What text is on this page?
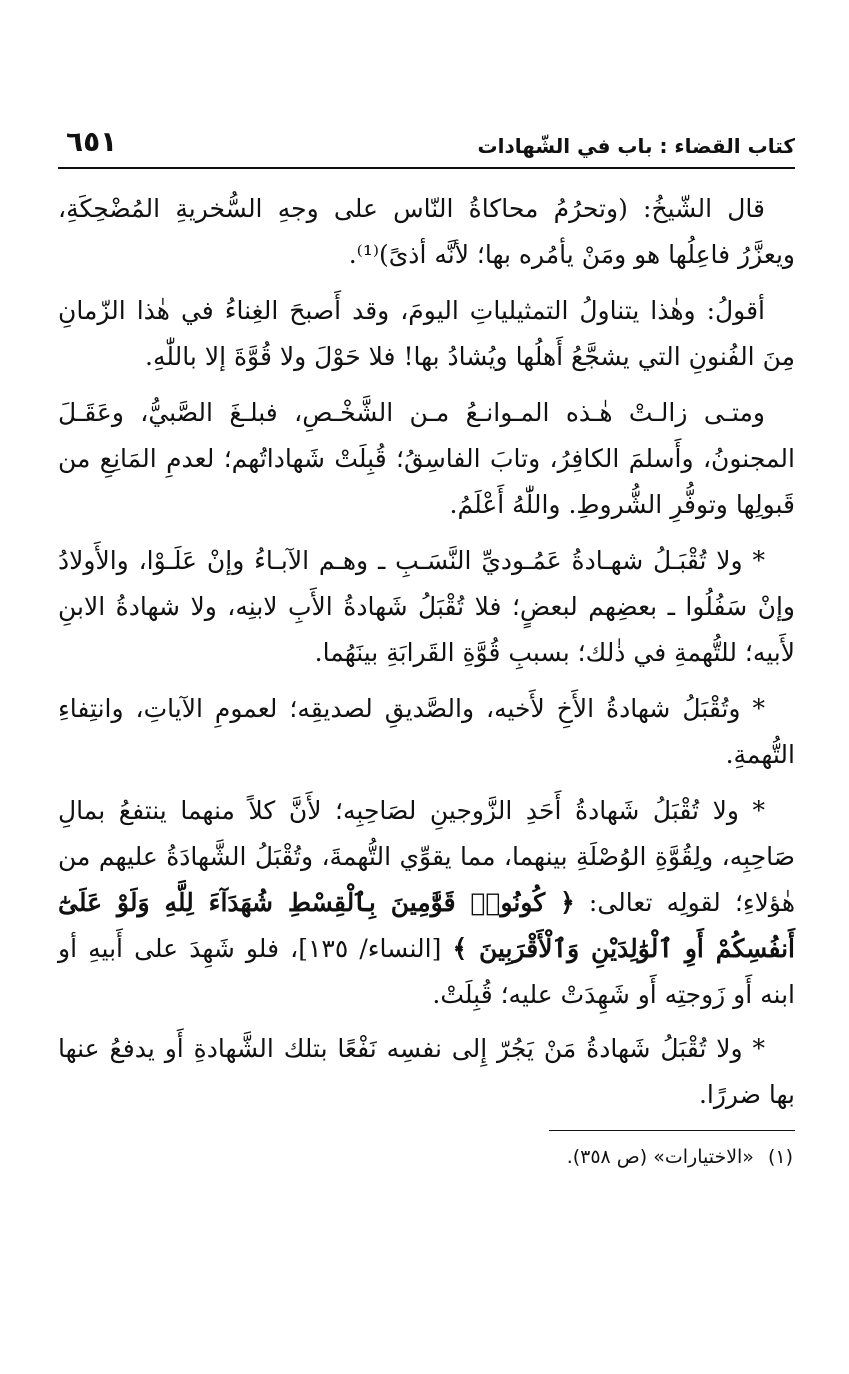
كتاب القضاء : باب في الشّهادات
٦٥١

قال الشّيخُ: (وتحرُمُ محاكاةُ النّاس على وجهِ السُّخريةِ المُضْحِكَةِ، ويعزَّرُ فاعِلُها هو ومَنْ يأمُره بها؛ لأنَّه أذىً)⁽¹⁾.

أقولُ: وهٰذا يتناولُ التمثيلياتِ اليومَ، وقد أَصبحَ الغِناءُ في هٰذا الزّمانِ مِنَ الفُنونِ التي يشجَّعُ أَهلُها ويُشادُ بها! فلا حَوْلَ ولا قُوَّةَ إلا باللّٰهِ.

ومتـى زالـتْ هٰـذه المـوانـعُ مـن الشَّخْـصِ، فبلـغَ الصَّبيُّ، وعَقَـلَ المجنونُ، وأَسلمَ الكافِرُ، وتابَ الفاسِقُ؛ قُبِلَتْ شَهاداتُهم؛ لعدمِ المَانِعِ من قَبولِها وتوفُّرِ الشُّروطِ. واللّٰهُ أَعْلَمُ.

* ولا تُقْبَـلُ شهـادةُ عَمُـوديِّ النَّسَـبِ ـ وهـم الآبـاءُ وإنْ عَلَـوْا، والأَولادُ وإنْ سَفُلُوا ـ بعضِهم لبعضٍ؛ فلا تُقْبَلُ شَهادةُ الأَبِ لابنِه، ولا شهادةُ الابنِ لأَبيه؛ للتُّهمةِ في ذٰلك؛ بسببِ قُوَّةِ القَرابَةِ بينَهُما.

* وتُقْبَلُ شهادةُ الأَخِ لأَخيه، والصَّديقِ لصديقِه؛ لعمومِ الآياتِ، وانتِفاءِ التُّهمةِ.

* ولا تُقْبَلُ شَهادةُ أَحَدِ الزَّوجينِ لصَاحِبِه؛ لأَنَّ كلاً منهما ينتفعُ بمالِ صَاحِبِه، ولِقُوَّةِ الوُصْلَةِ بينهما، مما يقوِّي التُّهمةَ، وتُقْبَلُ الشَّهادَةُ عليهم من هٰؤلاءِ؛ لقولِه تعالى: ﴿ كُونُوا۟ قَوَّٰمِينَ بِٱلْقِسْطِ شُهَدَآءَ لِلَّهِ وَلَوْ عَلَىٰٓ أَنفُسِكُمْ أَوِ ٱلْوَٰلِدَيْنِ وَٱلْأَقْرَبِينَ ﴾ [النساء/ ١٣٥]، فلو شَهِدَ على أَبيهِ أو ابنه أَو زَوجتِه أَو شَهِدَتْ عليه؛ قُبِلَتْ.

* ولا تُقْبَلُ شَهادةُ مَنْ يَجُرّ إِلى نفسِه نَفْعًا بتلك الشَّهادةِ أَو يدفعُ عنها بها ضررًا.

(١)«الاختيارات» (ص ٣٥٨).
